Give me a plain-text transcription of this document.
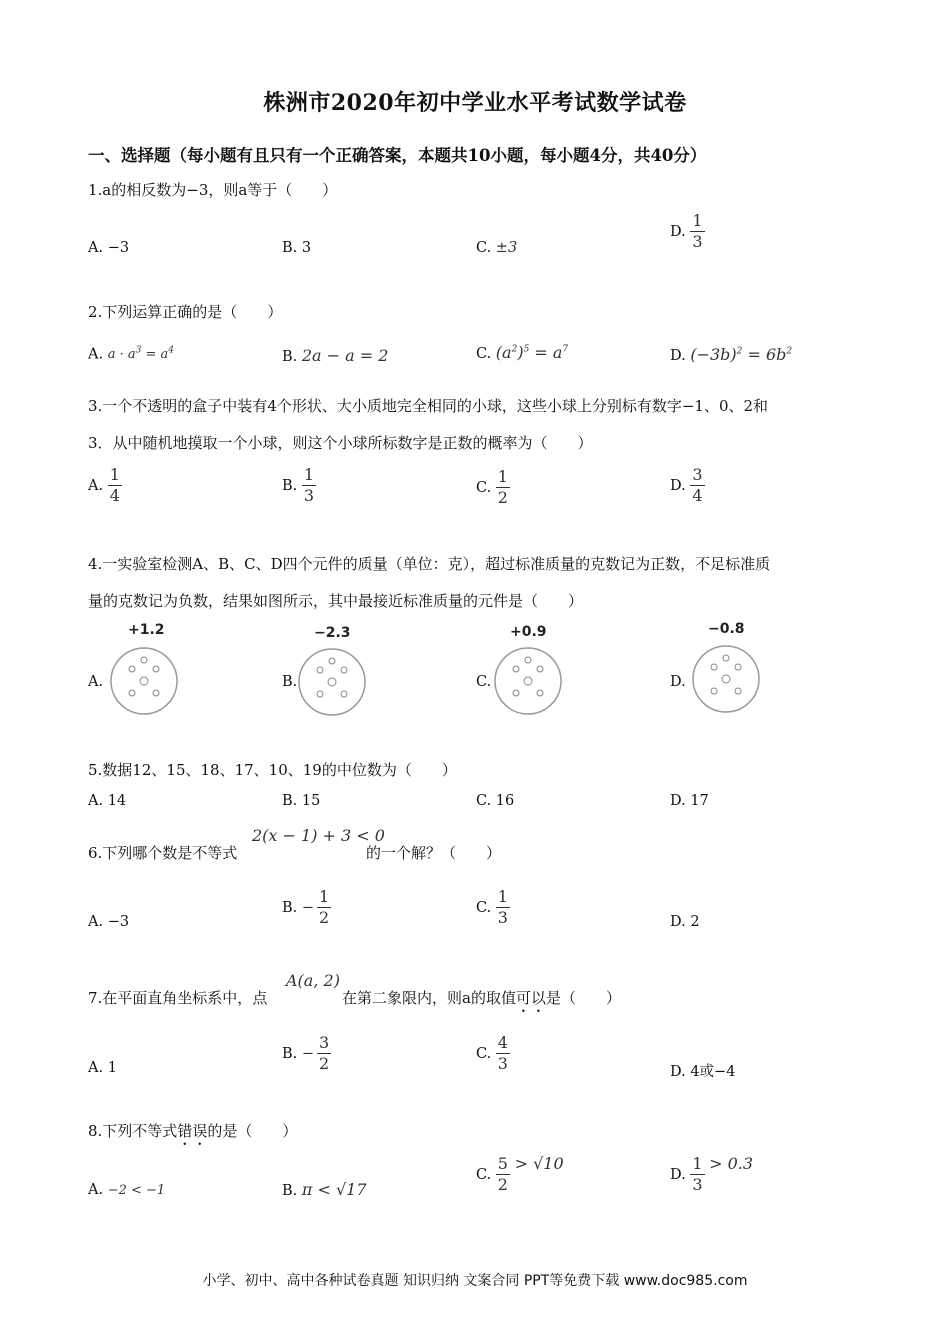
株洲市2020年初中学业水平考试数学试卷
一、选择题（每小题有且只有一个正确答案，本题共10小题，每小题4分，共40分）
1.a的相反数为−3，则a等于（　　）
A. −3	B. 3	C. ±3
D. $\frac{1}{3}$
2.下列运算正确的是（　　）
A. $a \cdot a^3 = a^4$	B. 2a − a = 2	C. $(a^2)^5 = a^7$	D. $(-3b)^2 = 6b^2$
3.一个不透明的盒子中装有4个形状、大小质地完全相同的小球，这些小球上分别标有数字−1、0、2和
3．从中随机地摸取一个小球，则这个小球所标数字是正数的概率为（　　）
A. $\frac{1}{4}$	B. $\frac{1}{3}$	C. $\frac{1}{2}$	D. $\frac{3}{4}$
4.一实验室检测A、B、C、D四个元件的质量（单位：克），超过标准质量的克数记为正数，不足标准质
量的克数记为负数，结果如图所示，其中最接近标准质量的元件是（　　）
A.
+1.2
B.
−2.3
C.
+0.9
D.
−0.8
5.数据12、15、18、17、10、19的中位数为（　　）
A. 14	B. 15	C. 16	D. 17
6.下列哪个数是不等式
2(x − 1) + 3 < 0
的一个解？（　　）
A. −3
B. − $\frac{1}{2}$	C. $\frac{1}{3}$	D. 2
7.在平面直角坐标系中，点
A(a, 2)
在第二象限内，则a的取值可以是（　　）
A. 1
B. − $\frac{3}{2}$	C. $\frac{4}{3}$	D. 4或−4
8.下列不等式错误的是（　　）
A. −2 < −1	B. π < √17
C. $\frac{5}{2} > √10$
D. $\frac{1}{3} > 0.3$
小学、初中、高中各种试卷真题 知识归纳 文案合同 PPT等免费下载 www.doc985.com
